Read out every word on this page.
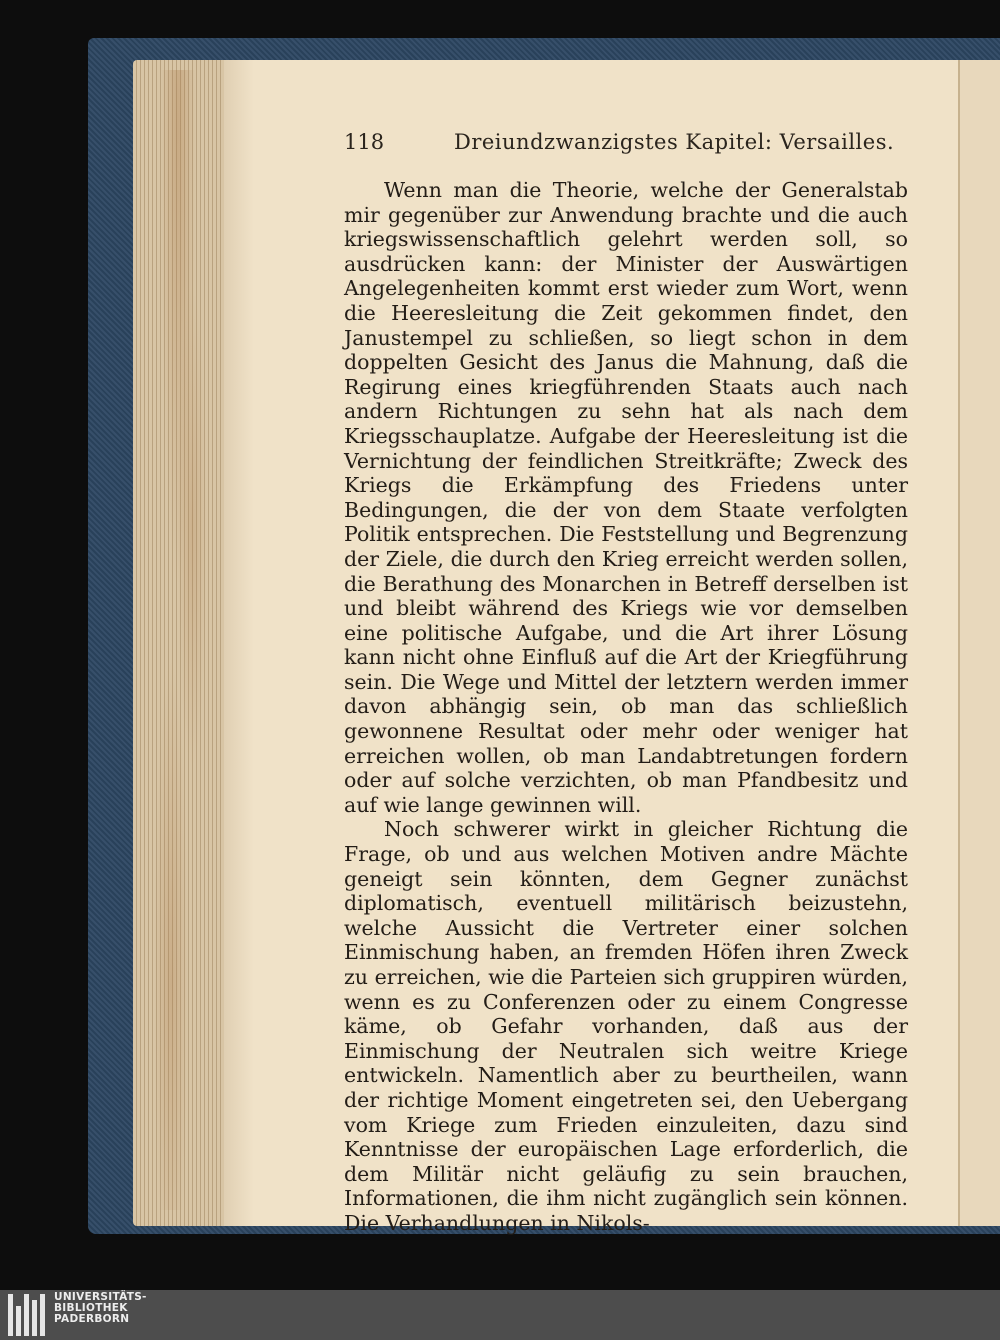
118	Dreiundzwanzigstes Kapitel: Versailles.

Wenn man die Theorie, welche der Generalstab mir gegenüber zur Anwendung brachte und die auch kriegswissenschaftlich gelehrt werden soll, so ausdrücken kann: der Minister der Auswärtigen Angelegenheiten kommt erst wieder zum Wort, wenn die Heeresleitung die Zeit gekommen findet, den Janustempel zu schließen, so liegt schon in dem doppelten Gesicht des Janus die Mahnung, daß die Regirung eines kriegführenden Staats auch nach andern Richtungen zu sehn hat als nach dem Kriegsschauplatze. Aufgabe der Heeresleitung ist die Vernichtung der feindlichen Streitkräfte; Zweck des Kriegs die Erkämpfung des Friedens unter Bedingungen, die der von dem Staate verfolgten Politik entsprechen. Die Feststellung und Begrenzung der Ziele, die durch den Krieg erreicht werden sollen, die Berathung des Monarchen in Betreff derselben ist und bleibt während des Kriegs wie vor demselben eine politische Aufgabe, und die Art ihrer Lösung kann nicht ohne Einfluß auf die Art der Kriegführung sein. Die Wege und Mittel der letztern werden immer davon abhängig sein, ob man das schließlich gewonnene Resultat oder mehr oder weniger hat erreichen wollen, ob man Landabtretungen fordern oder auf solche verzichten, ob man Pfandbesitz und auf wie lange gewinnen will.

Noch schwerer wirkt in gleicher Richtung die Frage, ob und aus welchen Motiven andre Mächte geneigt sein könnten, dem Gegner zunächst diplomatisch, eventuell militärisch beizustehn, welche Aussicht die Vertreter einer solchen Einmischung haben, an fremden Höfen ihren Zweck zu erreichen, wie die Parteien sich gruppiren würden, wenn es zu Conferenzen oder zu einem Congresse käme, ob Gefahr vorhanden, daß aus der Einmischung der Neutralen sich weitre Kriege entwickeln. Namentlich aber zu beurtheilen, wann der richtige Moment eingetreten sei, den Uebergang vom Kriege zum Frieden einzuleiten, dazu sind Kenntnisse der europäischen Lage erforderlich, die dem Militär nicht geläufig zu sein brauchen, Informationen, die ihm nicht zugänglich sein können. Die Verhandlungen in Nikols-

UNIVERSITÄTS-
BIBLIOTHEK
PADERBORN
